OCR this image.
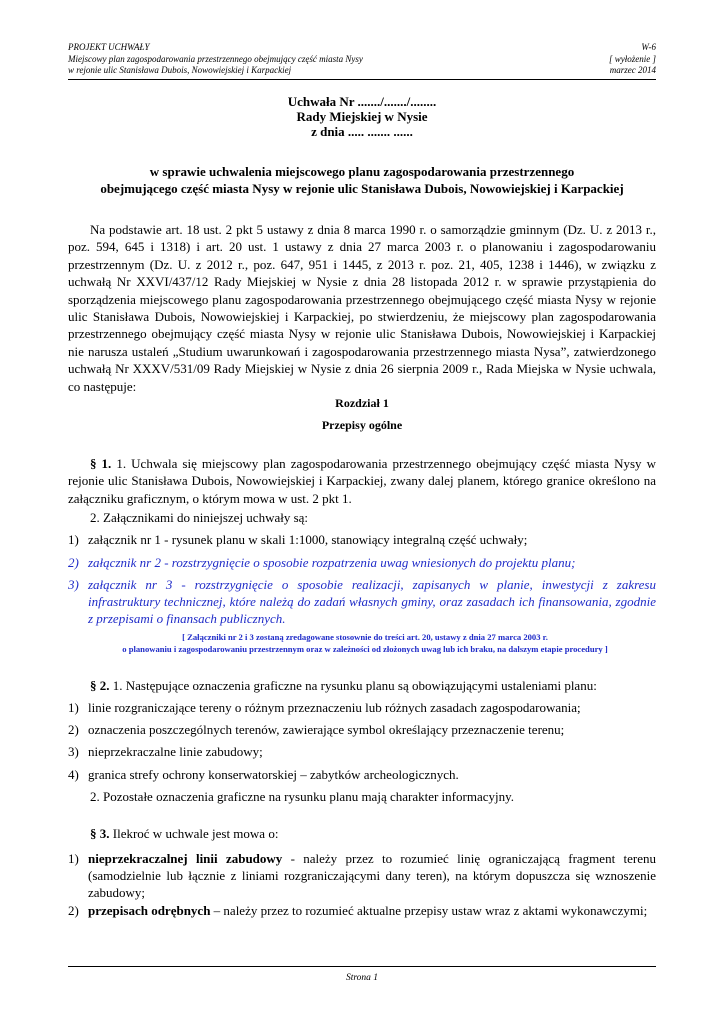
PROJEKT UCHWAŁY
Miejscowy plan zagospodarowania przestrzennego obejmujący część miasta Nysy
w rejonie ulic Stanisława Dubois, Nowowiejskiej i Karpackiej
W-6
[ wyłożenie ]
marzec 2014
Uchwała Nr ......./......./........
Rady Miejskiej w Nysie
z dnia ..... ....... ......
w sprawie uchwalenia miejscowego planu zagospodarowania przestrzennego
obejmującego część miasta Nysy w rejonie ulic Stanisława Dubois, Nowowiejskiej i Karpackiej
Na podstawie art. 18 ust. 2 pkt 5 ustawy z dnia 8 marca 1990 r. o samorządzie gminnym (Dz. U. z 2013 r., poz. 594, 645 i 1318) i art. 20 ust. 1 ustawy z dnia 27 marca 2003 r. o planowaniu i zagospodarowaniu przestrzennym (Dz. U. z 2012 r., poz. 647, 951 i 1445, z 2013 r. poz. 21, 405, 1238 i 1446), w związku z uchwałą Nr XXVI/437/12 Rady Miejskiej w Nysie z dnia 28 listopada 2012 r. w sprawie przystąpienia do sporządzenia miejscowego planu zagospodarowania przestrzennego obejmującego część miasta Nysy w rejonie ulic Stanisława Dubois, Nowowiejskiej i Karpackiej, po stwierdzeniu, że miejscowy plan zagospodarowania przestrzennego obejmujący część miasta Nysy w rejonie ulic Stanisława Dubois, Nowowiejskiej i Karpackiej nie narusza ustaleń „Studium uwarunkowań i zagospodarowania przestrzennego miasta Nysa”, zatwierdzonego uchwałą Nr XXXV/531/09 Rady Miejskiej w Nysie z dnia 26 sierpnia 2009 r., Rada Miejska w Nysie uchwala, co następuje:
Rozdział 1
Przepisy ogólne
§ 1. 1. Uchwala się miejscowy plan zagospodarowania przestrzennego obejmujący część miasta Nysy w rejonie ulic Stanisława Dubois, Nowowiejskiej i Karpackiej, zwany dalej planem, którego granice określono na załączniku graficznym, o którym mowa w ust. 2 pkt 1.
2. Załącznikami do niniejszej uchwały są:
1) załącznik nr 1 - rysunek planu w skali 1:1000, stanowiący integralną część uchwały;
2) załącznik nr 2 - rozstrzygnięcie o sposobie rozpatrzenia uwag wniesionych do projektu planu;
3) załącznik nr 3 - rozstrzygnięcie o sposobie realizacji, zapisanych w planie, inwestycji z zakresu infrastruktury technicznej, które należą do zadań własnych gminy, oraz zasadach ich finansowania, zgodnie z przepisami o finansach publicznych.
[ Załączniki nr 2 i 3 zostaną zredagowane stosownie do treści art. 20, ustawy z dnia 27 marca 2003 r.
o planowaniu i zagospodarowaniu przestrzennym oraz w zależności od złożonych uwag lub ich braku, na dalszym etapie procedury ]
§ 2. 1. Następujące oznaczenia graficzne na rysunku planu są obowiązującymi ustaleniami planu:
1) linie rozgraniczające tereny o różnym przeznaczeniu lub różnych zasadach zagospodarowania;
2) oznaczenia poszczególnych terenów, zawierające symbol określający przeznaczenie terenu;
3) nieprzekraczalne linie zabudowy;
4) granica strefy ochrony konserwatorskiej – zabytków archeologicznych.
2. Pozostałe oznaczenia graficzne na rysunku planu mają charakter informacyjny.
§ 3. Ilekroć w uchwale jest mowa o:
1) nieprzekraczalnej linii zabudowy - należy przez to rozumieć linię ograniczającą fragment terenu (samodzielnie lub łącznie z liniami rozgraniczającymi dany teren), na którym dopuszcza się wznoszenie zabudowy;
2) przepisach odrębnych – należy przez to rozumieć aktualne przepisy ustaw wraz z aktami wykonawczymi;
Strona 1
